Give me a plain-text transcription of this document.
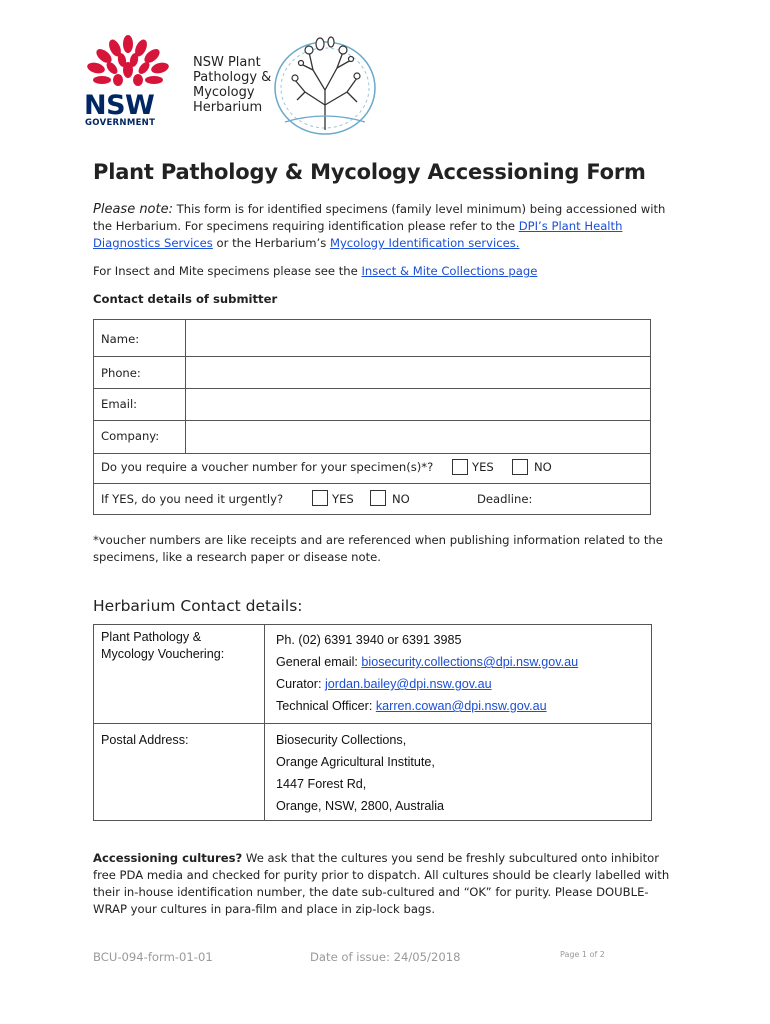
NSW
GOVERNMENT
NSW Plant
Pathology &
Mycology
Herbarium
Plant Pathology & Mycology Accessioning Form
Please note: This form is for identified specimens (family level minimum) being accessioned with the Herbarium. For specimens requiring identification please refer to the DPI’s Plant Health Diagnostics Services or the Herbarium’s Mycology Identification services.
For Insect and Mite specimens please see the Insect & Mite Collections page
Contact details of submitter
Name:
Phone:
Email:
Company:
Do you require a voucher number for your specimen(s)*?	YES	NO
If YES, do you need it urgently?	YES	NO	Deadline:
*voucher numbers are like receipts and are referenced when publishing information related to the specimens, like a research paper or disease note.
Herbarium Contact details:
Plant Pathology & Mycology Vouchering:
Ph. (02) 6391 3940 or 6391 3985
General email: biosecurity.collections@dpi.nsw.gov.au
Curator: jordan.bailey@dpi.nsw.gov.au
Technical Officer: karren.cowan@dpi.nsw.gov.au
Postal Address:	Biosecurity Collections,
Orange Agricultural Institute,
1447 Forest Rd,
Orange, NSW, 2800, Australia
Accessioning cultures? We ask that the cultures you send be freshly subcultured onto inhibitor free PDA media and checked for purity prior to dispatch. All cultures should be clearly labelled with their in-house identification number, the date sub-cultured and “OK” for purity. Please DOUBLE-WRAP your cultures in para-film and place in zip-lock bags.
BCU-094-form-01-01	Date of issue: 24/05/2018	Page 1 of 2
